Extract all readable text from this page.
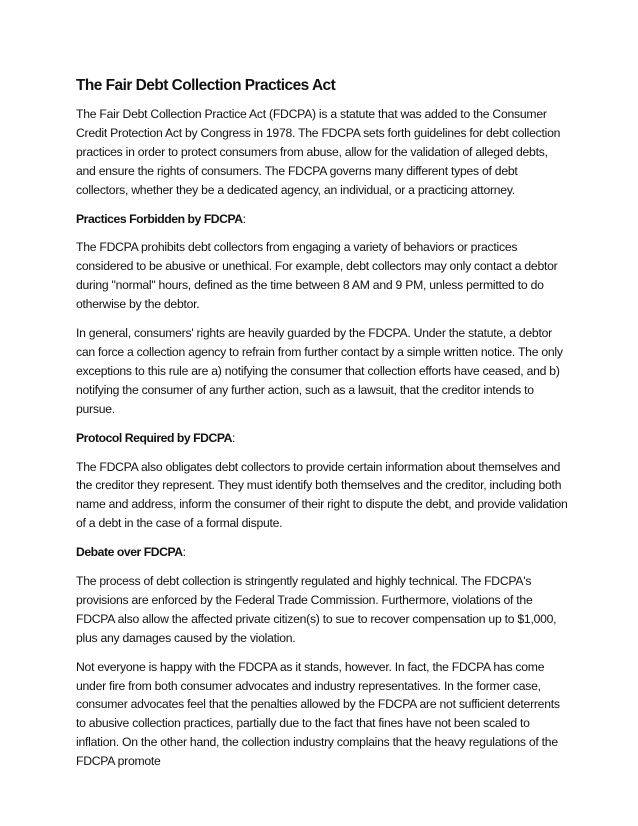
The Fair Debt Collection Practices Act

The Fair Debt Collection Practice Act (FDCPA) is a statute that was added to the Consumer Credit Protection Act by Congress in 1978. The FDCPA sets forth guidelines for debt collection practices in order to protect consumers from abuse, allow for the validation of alleged debts, and ensure the rights of consumers. The FDCPA governs many different types of debt collectors, whether they be a dedicated agency, an individual, or a practicing attorney.

Practices Forbidden by FDCPA:

The FDCPA prohibits debt collectors from engaging a variety of behaviors or practices considered to be abusive or unethical. For example, debt collectors may only contact a debtor during "normal" hours, defined as the time between 8 AM and 9 PM, unless permitted to do otherwise by the debtor.

In general, consumers' rights are heavily guarded by the FDCPA. Under the statute, a debtor can force a collection agency to refrain from further contact by a simple written notice. The only exceptions to this rule are a) notifying the consumer that collection efforts have ceased, and b) notifying the consumer of any further action, such as a lawsuit, that the creditor intends to pursue.

Protocol Required by FDCPA:

The FDCPA also obligates debt collectors to provide certain information about themselves and the creditor they represent. They must identify both themselves and the creditor, including both name and address, inform the consumer of their right to dispute the debt, and provide validation of a debt in the case of a formal dispute.

Debate over FDCPA:

The process of debt collection is stringently regulated and highly technical. The FDCPA's provisions are enforced by the Federal Trade Commission. Furthermore, violations of the FDCPA also allow the affected private citizen(s) to sue to recover compensation up to $1,000, plus any damages caused by the violation.

Not everyone is happy with the FDCPA as it stands, however. In fact, the FDCPA has come under fire from both consumer advocates and industry representatives. In the former case, consumer advocates feel that the penalties allowed by the FDCPA are not sufficient deterrents to abusive collection practices, partially due to the fact that fines have not been scaled to inflation. On the other hand, the collection industry complains that the heavy regulations of the FDCPA promote
